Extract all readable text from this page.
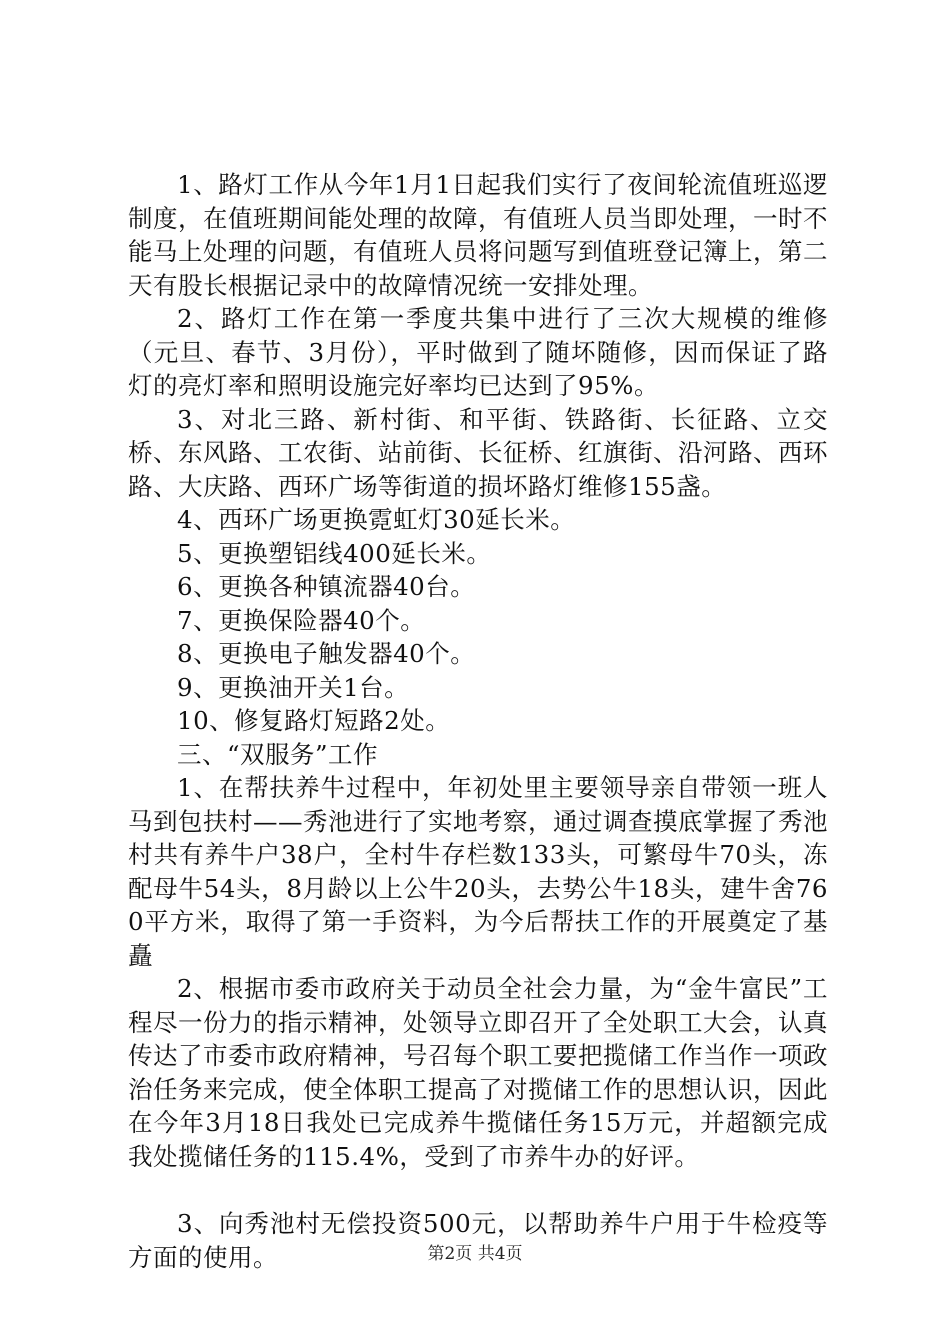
1、路灯工作从今年1月1日起我们实行了夜间轮流值班巡逻制度，在值班期间能处理的故障，有值班人员当即处理，一时不能马上处理的问题，有值班人员将问题写到值班登记簿上，第二天有股长根据记录中的故障情况统一安排处理。

2、路灯工作在第一季度共集中进行了三次大规模的维修（元旦、春节、3月份），平时做到了随坏随修，因而保证了路灯的亮灯率和照明设施完好率均已达到了95%。

3、对北三路、新村街、和平街、铁路街、长征路、立交桥、东风路、工农街、站前街、长征桥、红旗街、沿河路、西环路、大庆路、西环广场等街道的损坏路灯维修155盏。

4、西环广场更换霓虹灯30延长米。

5、更换塑铝线400延长米。

6、更换各种镇流器40台。

7、更换保险器40个。

8、更换电子触发器40个。

9、更换油开关1台。

10、修复路灯短路2处。

三、“双服务”工作

1、在帮扶养牛过程中，年初处里主要领导亲自带领一班人马到包扶村——秀池进行了实地考察，通过调查摸底掌握了秀池村共有养牛户38户，全村牛存栏数133头，可繁母牛70头，冻配母牛54头，8月龄以上公牛20头，去势公牛18头，建牛舍760平方米，取得了第一手资料，为今后帮扶工作的开展奠定了基矗

2、根据市委市政府关于动员全社会力量，为“金牛富民”工程尽一份力的指示精神，处领导立即召开了全处职工大会，认真传达了市委市政府精神，号召每个职工要把揽储工作当作一项政治任务来完成，使全体职工提高了对揽储工作的思想认识，因此在今年3月18日我处已完成养牛揽储任务15万元，并超额完成我处揽储任务的115.4%，受到了市养牛办的好评。

3、向秀池村无偿投资500元，以帮助养牛户用于牛检疫等方面的使用。	第2页 共4页
